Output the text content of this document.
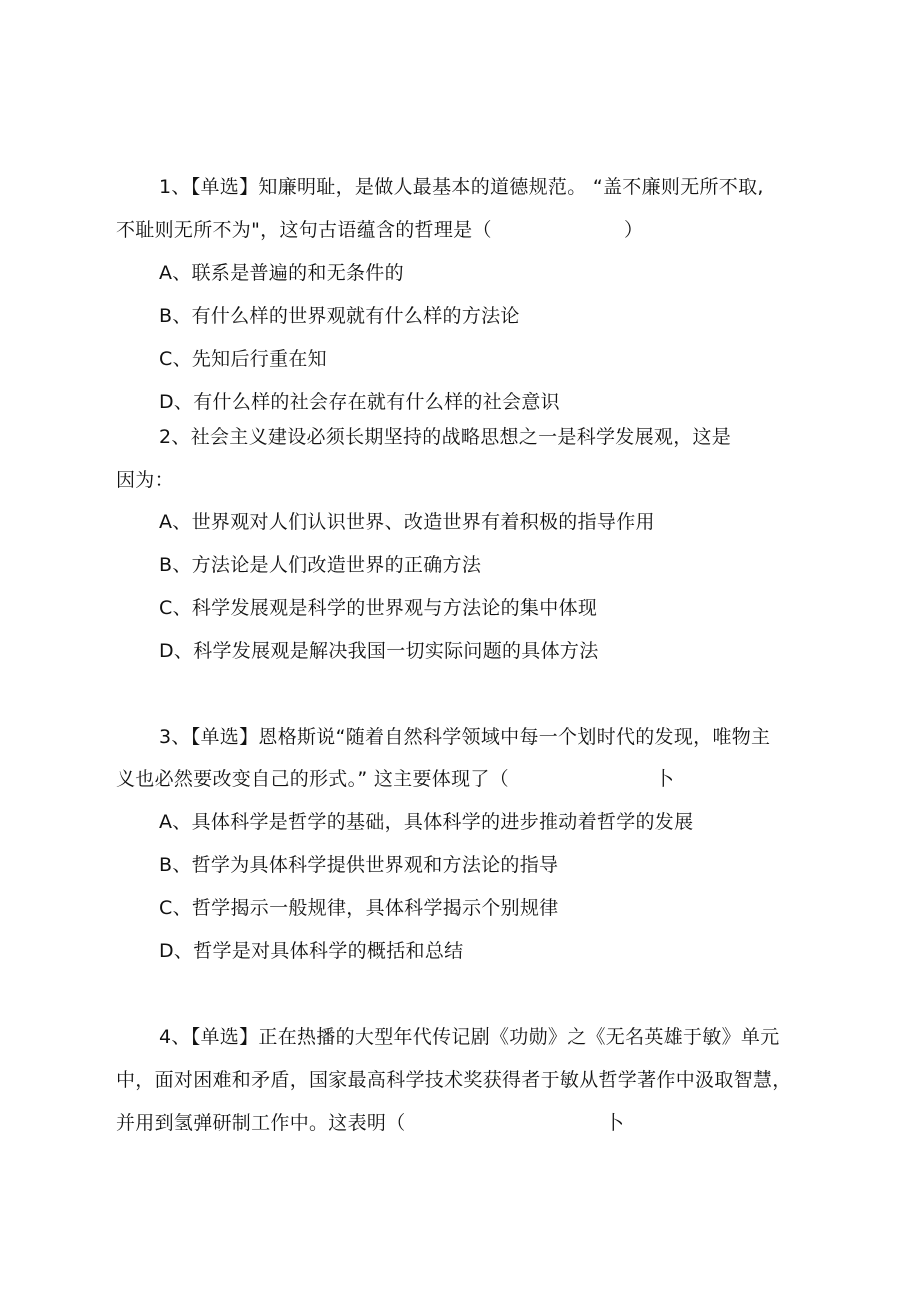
1、【单选】知廉明耻，是做人最基本的道德规范。 “盖不廉则无所不取,
不耻则无所不为"，这句古语蕴含的哲理是（	）
A、联系是普遍的和无条件的
B、有什么样的世界观就有什么样的方法论
C、先知后行重在知
D、有什么样的社会存在就有什么样的社会意识
2、社会主义建设必须长期坚持的战略思想之一是科学发展观，这是
因为：
A、世界观对人们认识世界、改造世界有着积极的指导作用
B、方法论是人们改造世界的正确方法
C、科学发展观是科学的世界观与方法论的集中体现
D、科学发展观是解决我国一切实际问题的具体方法
3、【单选】恩格斯说“随着自然科学领域中每一个划时代的发现，唯物主
义也必然要改变自己的形式。” 这主要体现了（	卜
A、具体科学是哲学的基础，具体科学的进步推动着哲学的发展
B、哲学为具体科学提供世界观和方法论的指导
C、哲学揭示一般规律，具体科学揭示个别规律
D、哲学是对具体科学的概括和总结
4、【单选】正在热播的大型年代传记剧《功勋》之《无名英雄于敏》单元
中，面对困难和矛盾，国家最高科学技术奖获得者于敏从哲学著作中汲取智慧，
并用到氢弹研制工作中。这表明（	卜
